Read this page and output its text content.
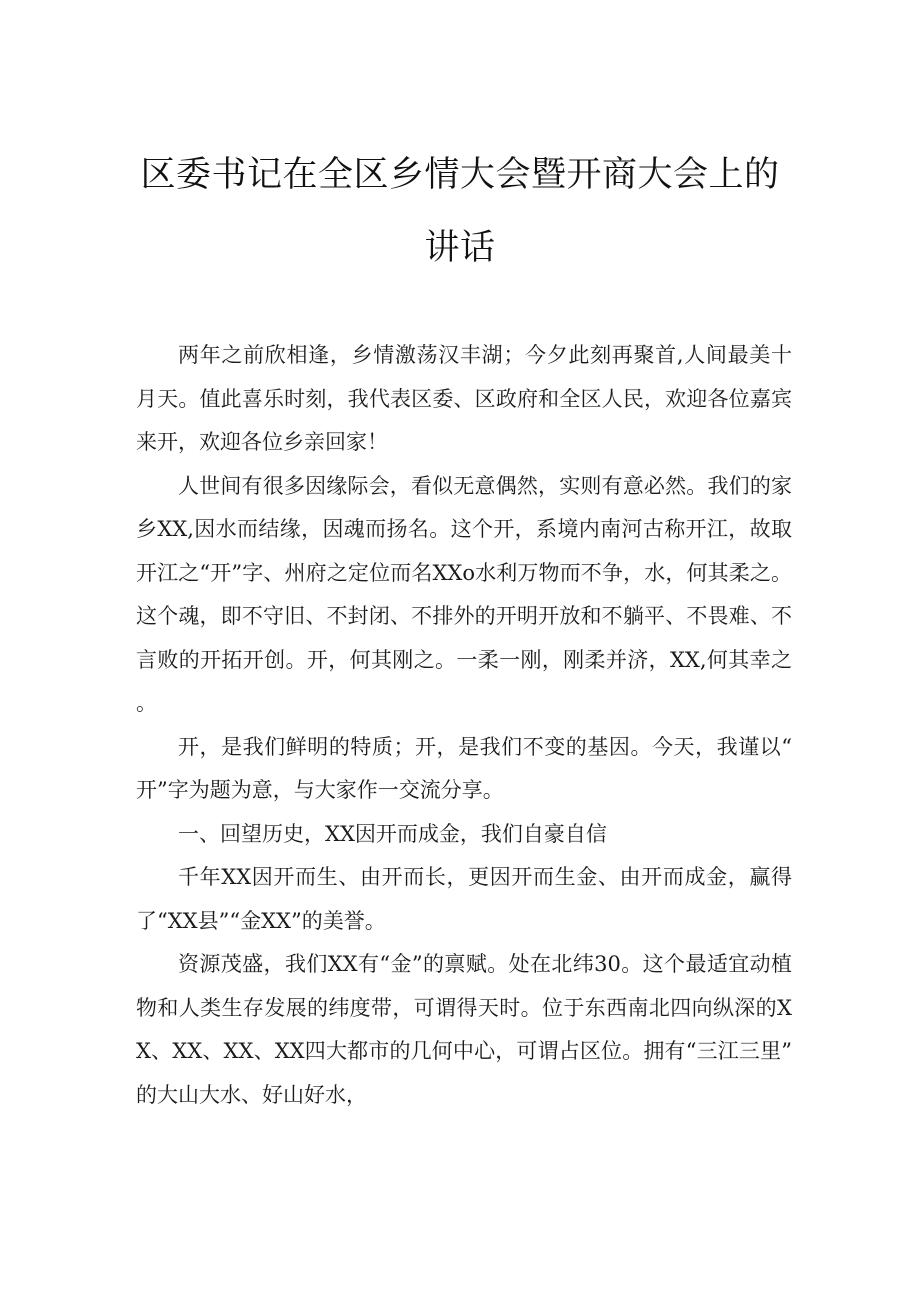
区委书记在全区乡情大会暨开商大会上的
讲话

两年之前欣相逢，乡情激荡汉丰湖；今夕此刻再聚首,人间最美十月天。值此喜乐时刻，我代表区委、区政府和全区人民，欢迎各位嘉宾来开，欢迎各位乡亲回家！

人世间有很多因缘际会，看似无意偶然，实则有意必然。我们的家乡XX,因水而结缘，因魂而扬名。这个开，系境内南河古称开江，故取开江之“开”字、州府之定位而名XXo水利万物而不争，水，何其柔之。这个魂，即不守旧、不封闭、不排外的开明开放和不躺平、不畏难、不言败的开拓开创。开，何其刚之。一柔一刚，刚柔并济，XX,何其幸之。

开，是我们鲜明的特质；开，是我们不变的基因。今天，我谨以“开”字为题为意，与大家作一交流分享。

一、回望历史，XX因开而成金，我们自豪自信

千年XX因开而生、由开而长，更因开而生金、由开而成金，赢得了“XX县”“金XX”的美誉。

资源茂盛，我们XX有“金”的禀赋。处在北纬30。这个最适宜动植物和人类生存发展的纬度带，可谓得天时。位于东西南北四向纵深的XX、XX、XX、XX四大都市的几何中心，可谓占区位。拥有“三江三里”的大山大水、好山好水，
